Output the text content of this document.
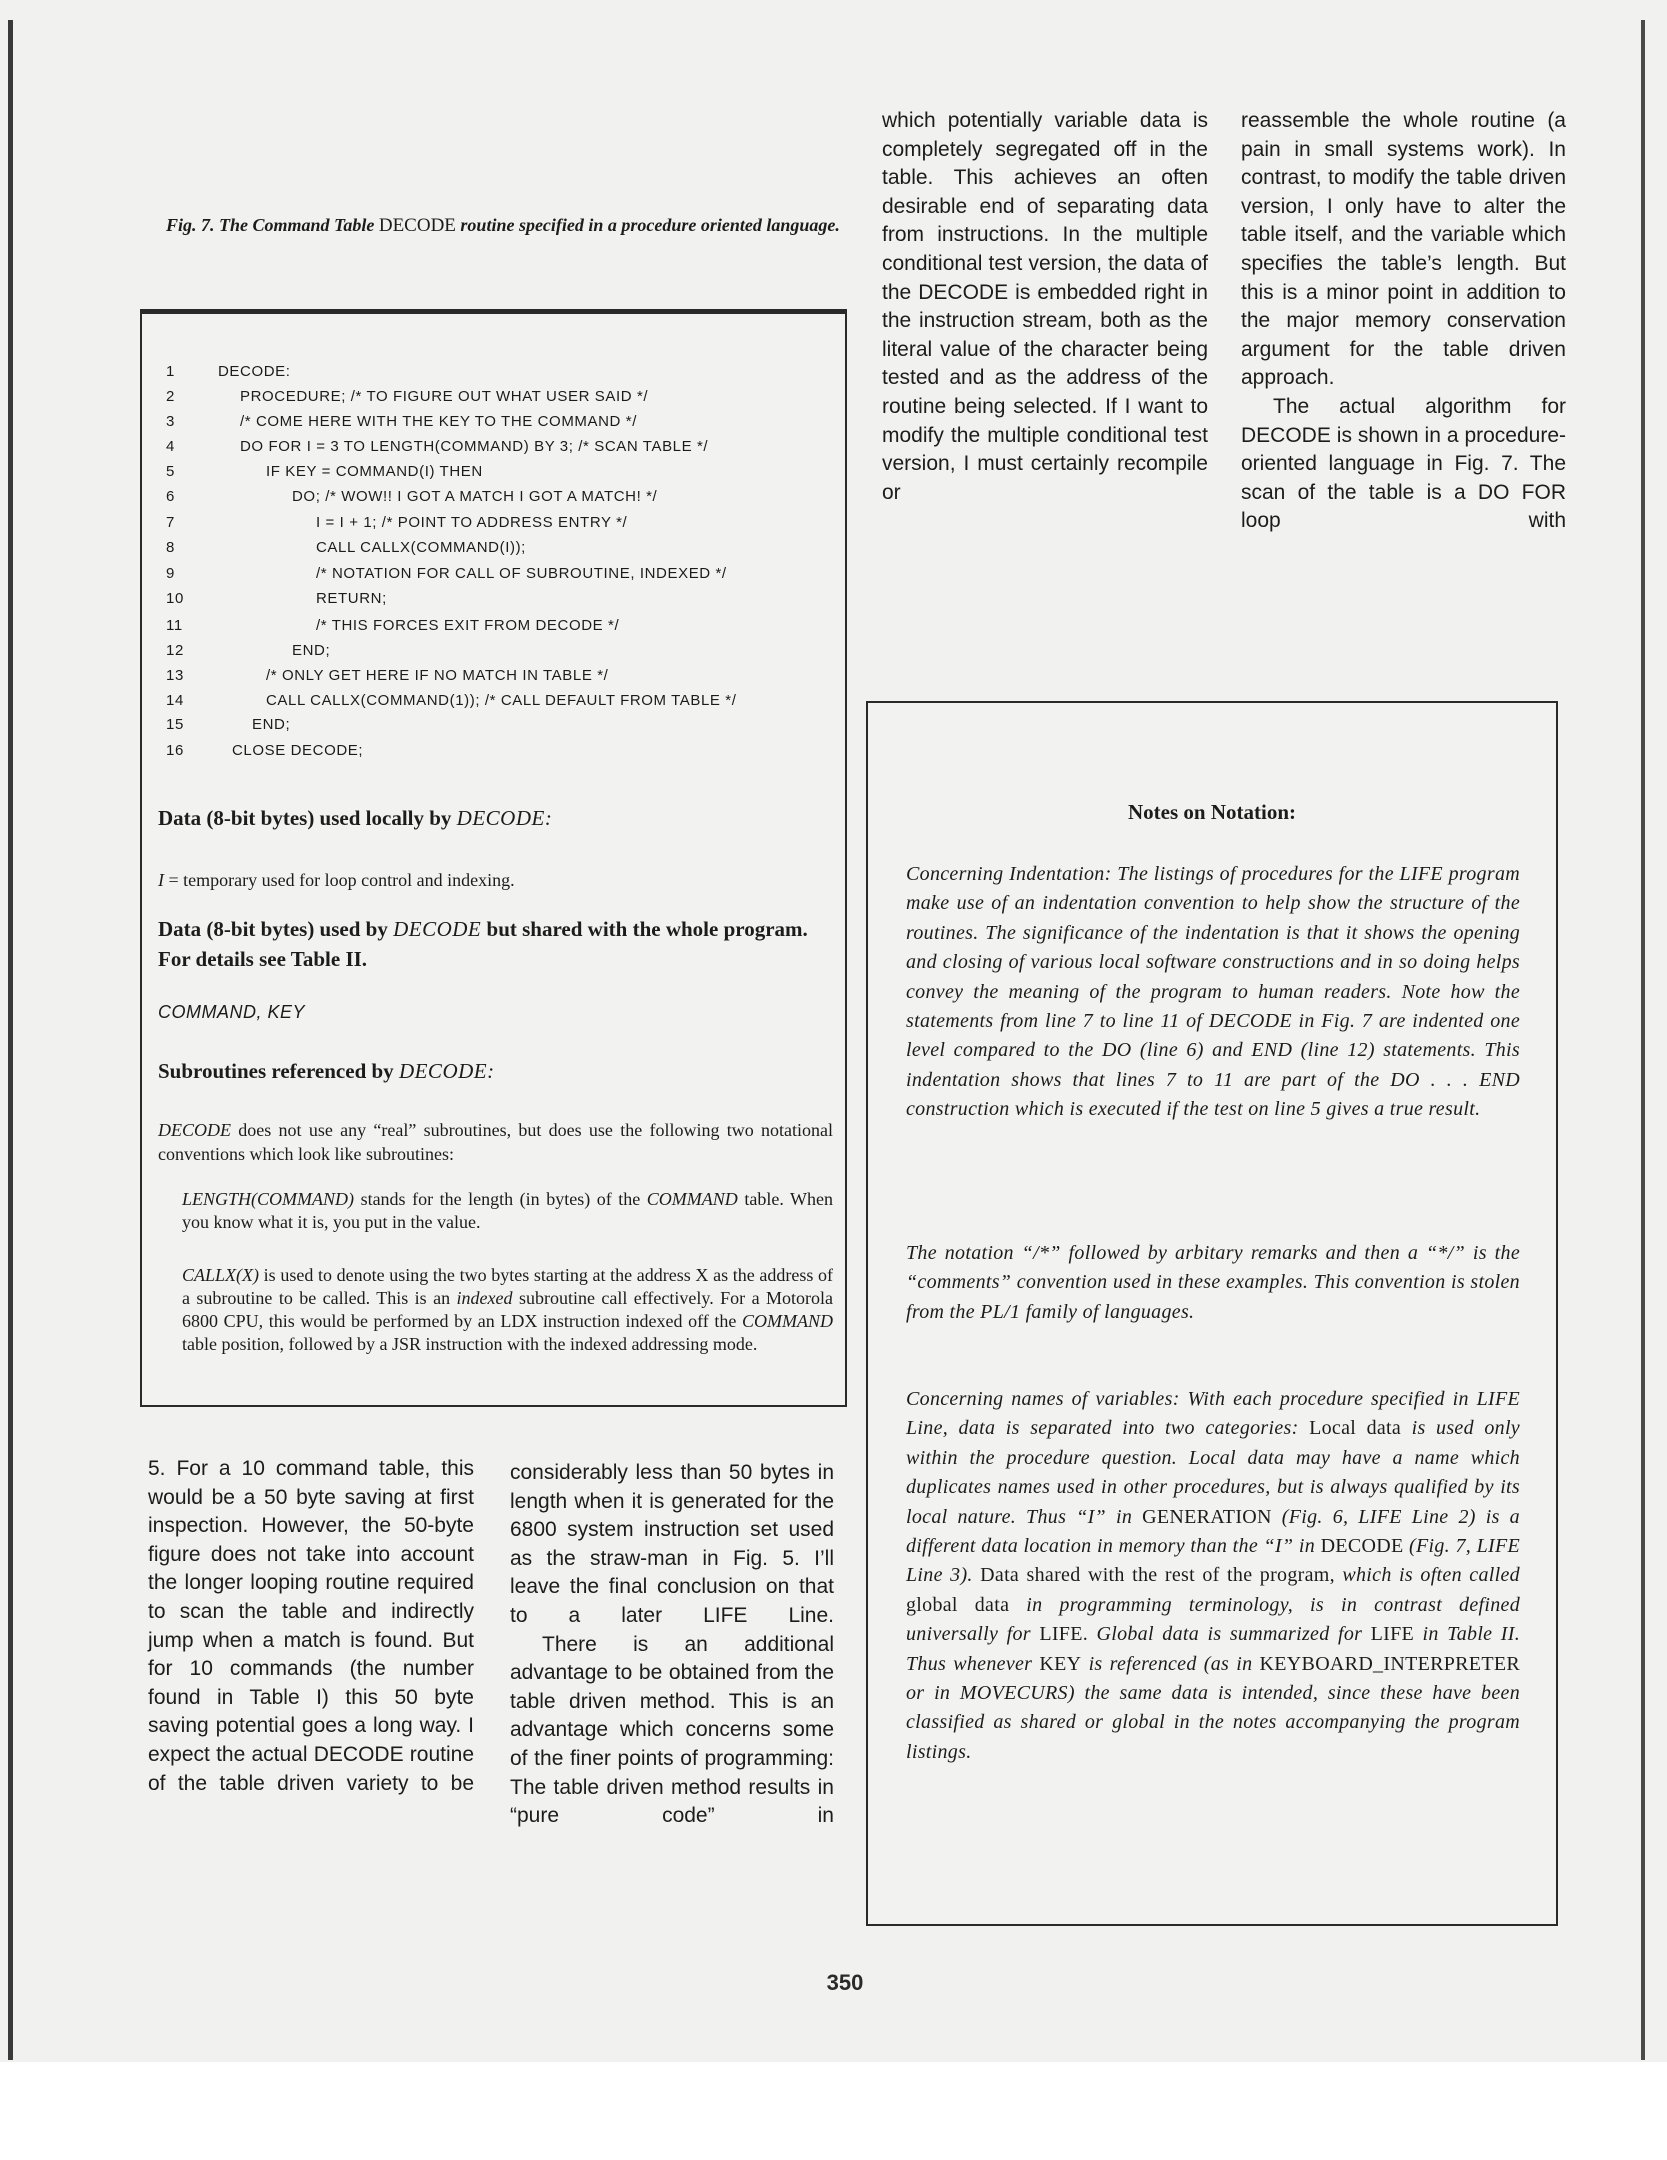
Fig. 7. The Command Table DECODE routine specified in a procedure oriented language.

1	DECODE:
2	PROCEDURE; /* TO FIGURE OUT WHAT USER SAID */
3	/* COME HERE WITH THE KEY TO THE COMMAND */
4	DO FOR I = 3 TO LENGTH(COMMAND) BY 3; /* SCAN TABLE */
5	IF KEY = COMMAND(I) THEN
6	DO; /* WOW!! I GOT A MATCH I GOT A MATCH! */
7	I = I + 1; /* POINT TO ADDRESS ENTRY */
8	CALL CALLX(COMMAND(I));
9	/* NOTATION FOR CALL OF SUBROUTINE, INDEXED */
10	RETURN;
11	/* THIS FORCES EXIT FROM DECODE */
12	END;
13	/* ONLY GET HERE IF NO MATCH IN TABLE */
14	CALL CALLX(COMMAND(1)); /* CALL DEFAULT FROM TABLE */
15	END;
16	CLOSE DECODE;

Data (8-bit bytes) used locally by DECODE:

I = temporary used for loop control and indexing.

Data (8-bit bytes) used by DECODE but shared with the whole program. For details see Table II.

COMMAND, KEY

Subroutines referenced by DECODE:

DECODE does not use any “real” subroutines, but does use the following two notational conventions which look like subroutines:

LENGTH(COMMAND) stands for the length (in bytes) of the COMMAND table. When you know what it is, you put in the value.

CALLX(X) is used to denote using the two bytes starting at the address X as the address of a subroutine to be called. This is an indexed subroutine call effectively. For a Motorola 6800 CPU, this would be performed by an LDX instruction indexed off the COMMAND table position, followed by a JSR instruction with the indexed addressing mode.

5. For a 10 command table, this would be a 50 byte saving at first inspection. However, the 50-byte figure does not take into account the longer looping routine required to scan the table and indirectly jump when a match is found. But for 10 commands (the number found in Table I) this 50 byte saving potential goes a long way. I expect the actual DECODE routine of the table driven variety to be

considerably less than 50 bytes in length when it is generated for the 6800 system instruction set used as the straw-man in Fig. 5. I’ll leave the final conclusion on that to a later LIFE Line.

There is an additional advantage to be obtained from the table driven method. This is an advantage which concerns some of the finer points of programming: The table driven method results in “pure code” in

which potentially variable data is completely segregated off in the table. This achieves an often desirable end of separating data from instructions. In the multiple conditional test version, the data of the DECODE is embedded right in the instruction stream, both as the literal value of the character being tested and as the address of the routine being selected. If I want to modify the multiple conditional test version, I must certainly recompile or

reassemble the whole routine (a pain in small systems work). In contrast, to modify the table driven version, I only have to alter the table itself, and the variable which specifies the table’s length. But this is a minor point in addition to the major memory conservation argument for the table driven approach.

The actual algorithm for DECODE is shown in a procedure-oriented language in Fig. 7. The scan of the table is a DO FOR loop with

Notes on Notation:

Concerning Indentation: The listings of procedures for the LIFE program make use of an indentation convention to help show the structure of the routines. The significance of the indentation is that it shows the opening and closing of various local software constructions and in so doing helps convey the meaning of the program to human readers. Note how the statements from line 7 to line 11 of DECODE in Fig. 7 are indented one level compared to the DO (line 6) and END (line 12) statements. This indentation shows that lines 7 to 11 are part of the DO . . . END construction which is executed if the test on line 5 gives a true result.

The notation “/*” followed by arbitary remarks and then a “*/” is the “comments” convention used in these examples. This convention is stolen from the PL/1 family of languages.

Concerning names of variables: With each procedure specified in LIFE Line, data is separated into two categories: Local data is used only within the procedure question. Local data may have a name which duplicates names used in other procedures, but is always qualified by its local nature. Thus “I” in GENERATION (Fig. 6, LIFE Line 2) is a different data location in memory than the “I” in DECODE (Fig. 7, LIFE Line 3). Data shared with the rest of the program, which is often called global data in programming terminology, is in contrast defined universally for LIFE. Global data is summarized for LIFE in Table II. Thus whenever KEY is referenced (as in KEYBOARD_INTERPRETER or in MOVECURS) the same data is intended, since these have been classified as shared or global in the notes accompanying the program listings.

350
